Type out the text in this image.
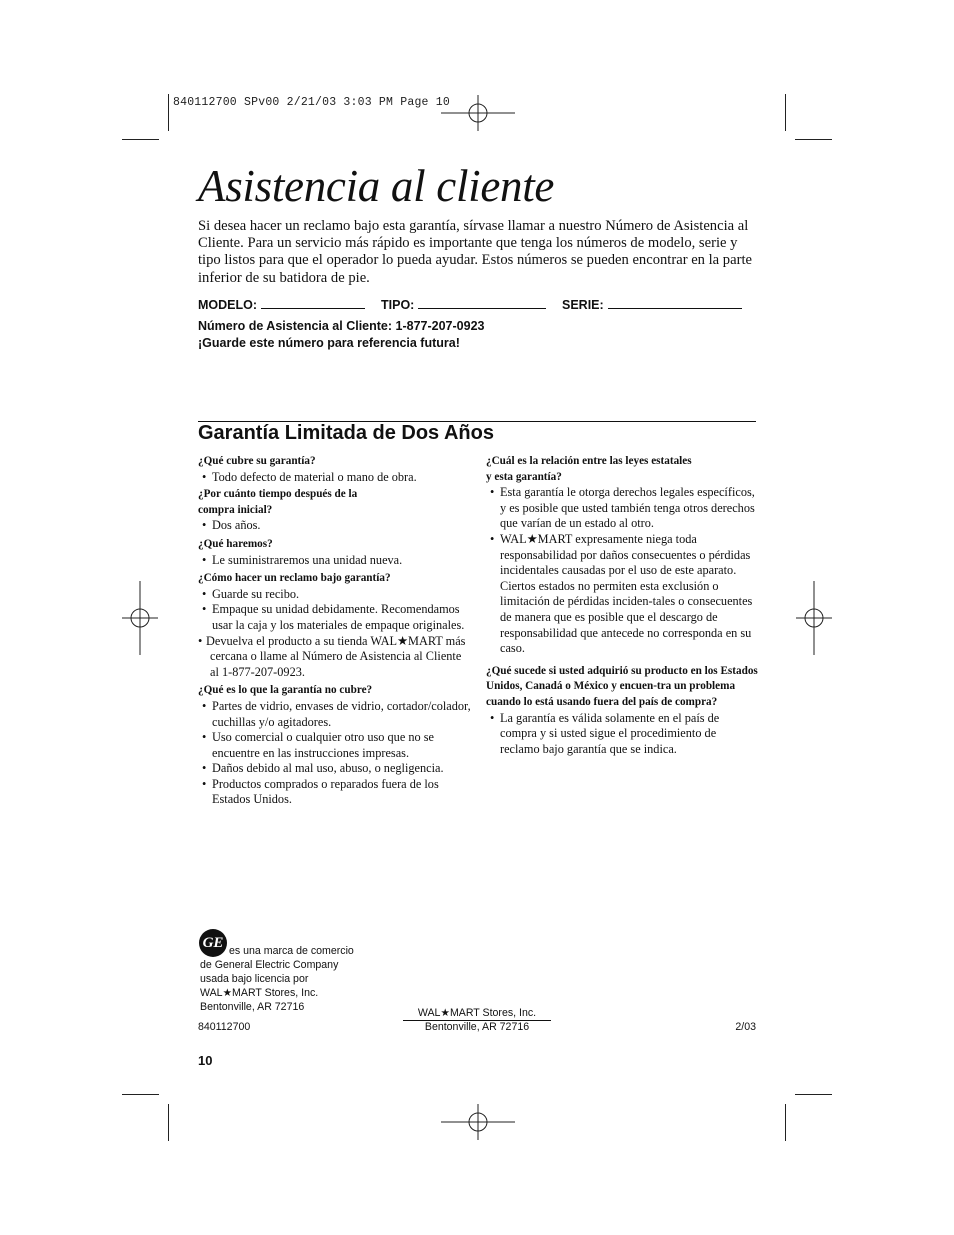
840112700 SPv00 2/21/03 3:03 PM Page 10
Asistencia al cliente

Si desea hacer un reclamo bajo esta garantía, sírvase llamar a nuestro Número de Asistencia al Cliente. Para un servicio más rápido es importante que tenga los números de modelo, serie y tipo listos para que el operador lo pueda ayudar. Estos números se pueden encontrar en la parte inferior de su batidora de pie.

MODELO:	TIPO:	SERIE:
Número de Asistencia al Cliente: 1-877-207-0923
¡Guarde este número para referencia futura!
Garantía Limitada de Dos Años
¿Qué cubre su garantía?
• Todo defecto de material o mano de obra.
¿Por cuánto tiempo después de la
compra inicial?
• Dos años.
¿Qué haremos?
• Le suministraremos una unidad nueva.
¿Cómo hacer un reclamo bajo garantía?
• Guarde su recibo.
• Empaque su unidad debidamente. Recomendamos usar la caja y los materiales de empaque originales.
• Devuelva el producto a su tienda WAL★MART más cercana o llame al Número de Asistencia al Cliente al 1-877-207-0923.
¿Qué es lo que la garantía no cubre?
• Partes de vidrio, envases de vidrio, cortador/colador, cuchillas y/o agitadores.
• Uso comercial o cualquier otro uso que no se encuentre en las instrucciones impresas.
• Daños debido al mal uso, abuso, o negligencia.
• Productos comprados o reparados fuera de los Estados Unidos.
¿Cuál es la relación entre las leyes estatales
y esta garantía?
• Esta garantía le otorga derechos legales específicos, y es posible que usted también tenga otros derechos que varían de un estado al otro.
• WAL★MART expresamente niega toda responsabilidad por daños consecuentes o pérdidas incidentales causadas por el uso de este aparato. Ciertos estados no permiten esta exclusión o limitación de pérdidas inciden-tales o consecuentes de manera que es posible que el descargo de responsabilidad que antecede no corresponda en su caso.
¿Qué sucede si usted adquirió su producto en los Estados Unidos, Canadá o México y encuen-tra un problema cuando lo está usando fuera del país de compra?
• La garantía es válida solamente en el país de compra y si usted sigue el procedimiento de reclamo bajo garantía que se indica.
GE es una marca de comercio
de General Electric Company
usada bajo licencia por
WAL★MART Stores, Inc.
Bentonville, AR 72716
840112700
WAL★MART Stores, Inc.
Bentonville, AR 72716	2/03
10
